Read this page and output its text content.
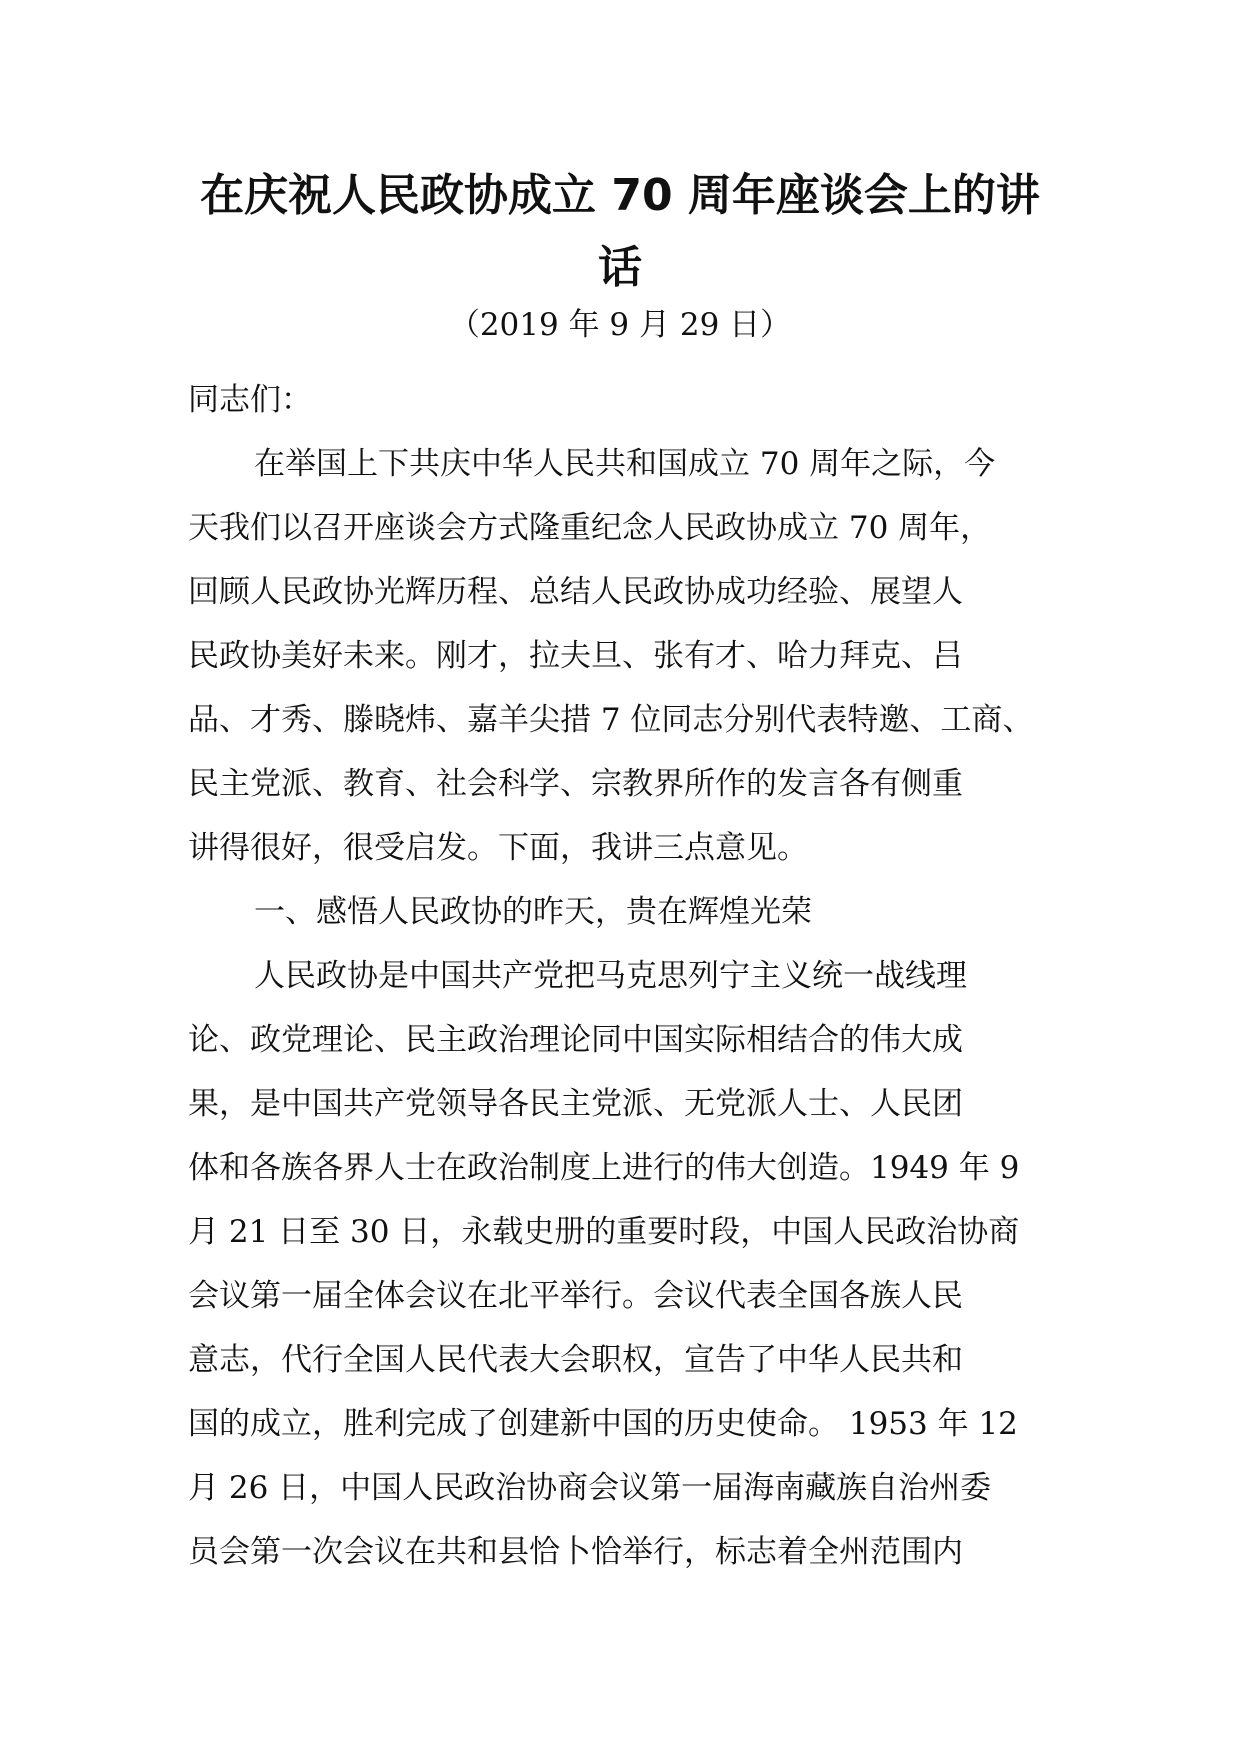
在庆祝人民政协成立 70 周年座谈会上的讲
话
（2019 年 9 月 29 日）

同志们：

在举国上下共庆中华人民共和国成立 70 周年之际，今

天我们以召开座谈会方式隆重纪念人民政协成立 70 周年，

回顾人民政协光辉历程、总结人民政协成功经验、展望人

民政协美好未来。刚才，拉夫旦、张有才、哈力拜克、吕

品、才秀、滕晓炜、嘉羊尖措 7 位同志分别代表特邀、工商、

民主党派、教育、社会科学、宗教界所作的发言各有侧重

讲得很好，很受启发。下面，我讲三点意见。

一、感悟人民政协的昨天，贵在辉煌光荣

人民政协是中国共产党把马克思列宁主义统一战线理

论、政党理论、民主政治理论同中国实际相结合的伟大成

果，是中国共产党领导各民主党派、无党派人士、人民团

体和各族各界人士在政治制度上进行的伟大创造。1949 年 9

月 21 日至 30 日，永载史册的重要时段，中国人民政治协商

会议第一届全体会议在北平举行。会议代表全国各族人民

意志，代行全国人民代表大会职权，宣告了中华人民共和

国的成立，胜利完成了创建新中国的历史使命。 1953 年 12

月 26 日，中国人民政治协商会议第一届海南藏族自治州委

员会第一次会议在共和县恰卜恰举行，标志着全州范围内
